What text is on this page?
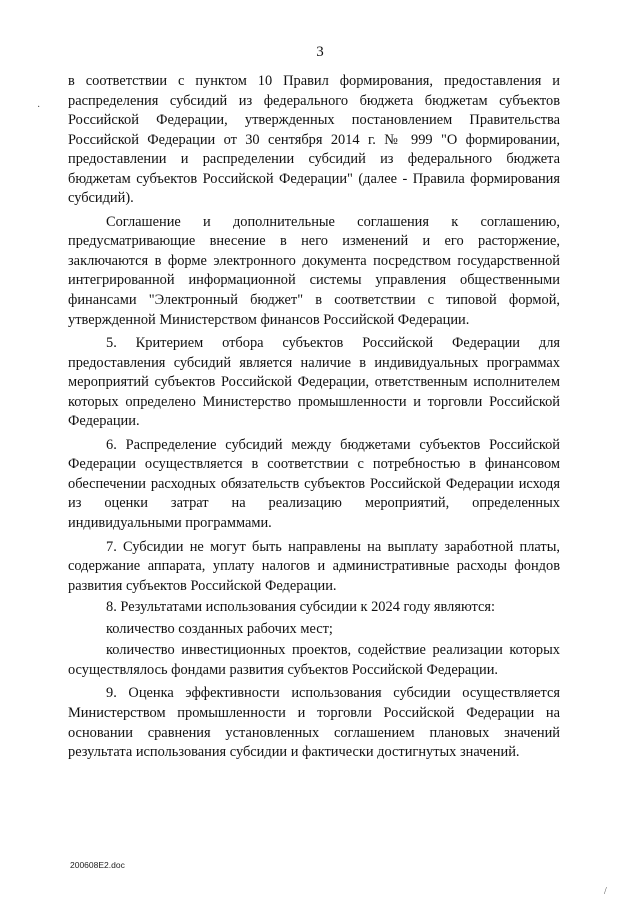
3
·

в соответствии с пунктом 10 Правил формирования, предоставления и распределения субсидий из федерального бюджета бюджетам субъектов Российской Федерации, утвержденных постановлением Правительства Российской Федерации от 30 сентября 2014 г. № 999 "О формировании, предоставлении и распределении субсидий из федерального бюджета бюджетам субъектов Российской Федерации" (далее - Правила формирования субсидий).

Соглашение и дополнительные соглашения к соглашению, предусматривающие внесение в него изменений и его расторжение, заключаются в форме электронного документа посредством государственной интегрированной информационной системы управления общественными финансами "Электронный бюджет" в соответствии с типовой формой, утвержденной Министерством финансов Российской Федерации.

5. Критерием отбора субъектов Российской Федерации для предоставления субсидий является наличие в индивидуальных программах мероприятий субъектов Российской Федерации, ответственным исполнителем которых определено Министерство промышленности и торговли Российской Федерации.

6. Распределение субсидий между бюджетами субъектов Российской Федерации осуществляется в соответствии с потребностью в финансовом обеспечении расходных обязательств субъектов Российской Федерации исходя из оценки затрат на реализацию мероприятий, определенных индивидуальными программами.

7. Субсидии не могут быть направлены на выплату заработной платы, содержание аппарата, уплату налогов и административные расходы фондов развития субъектов Российской Федерации.

8. Результатами использования субсидии к 2024 году являются:

количество созданных рабочих мест;

количество инвестиционных проектов, содействие реализации которых осуществлялось фондами развития субъектов Российской Федерации.

9. Оценка эффективности использования субсидии осуществляется Министерством промышленности и торговли Российской Федерации на основании сравнения установленных соглашением плановых значений результата использования субсидии и фактически достигнутых значений.

200608E2.doc
/
